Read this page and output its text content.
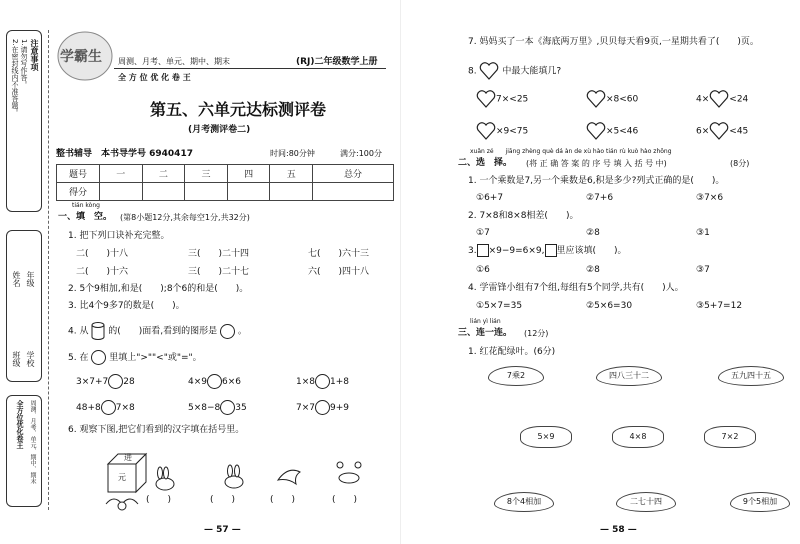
注意事项
1.请勿写作答。
2.在密封线内不准答题。
年级
姓名
学校
班级
周测、月考、单元、期中、期末
全方位优化卷王
学霸生 周测、月考、单元、期中、期末
全 方 位 优 化 卷 王
(RJ)二年级数学上册
第五、六单元达标测评卷
(月考测评卷二)
整书辅导　本书导学号 6940417	时间:80分钟	满分:100分
题号	一	二	三	四	五	总分
得分						
tián kòng
一、填　空。 (第8小题12分,其余每空1分,共32分)
1. 把下列口诀补充完整。
二(　　)十八	三(　　)二十四	七(　　)六十三
二(　　)十六	三(　　)二十七	六(　　)四十八
2. 5个9相加,和是(　　);8个6的和是(　　)。
3. 比4个9多7的数是(　　)。
4. 从 的(　　)面看,看到的图形是 。
5. 在 里填上">""<"或"="。
3×7+7 28	4×9 6×6	1×8 1+8
48+8 7×8	5×8−8 35	7×7 9+9
6. 观察下图,把它们看到的汉字填在括号里。
进
元
(　　)	(　　)	(　　)	(　　)
— 57 —
7. 妈妈买了一本《海底两万里》,贝贝每天看9页,一星期共看了(　　)页。
8.	中最大能填几?
7×<25	×8<60	4× <24
×9<75	×5<46	6× <45
xuǎn zé　　jiāng zhèng què dá àn de xù hào tián rù kuò hào zhōng
二、选　择。 (将 正 确 答 案 的 序 号 填 入 括 号 中)	(8分)
1. 一个乘数是7,另一个乘数是6,积是多少?列式正确的是(　　)。
①6+7	②7+6	③7×6
2. 7×8和8×8相差(　　)。
①7	②8	③1
3. ×9−9=6×9, 里应该填(　　)。
①6	②8	③7
4. 学雷锋小组有7个组,每组有5个同学,共有(　　)人。
①5×7=35	②5×6=30	③5+7=12
lián yì lián
三、连一连。 (12分)
1. 红花配绿叶。(6分)
7乘2	四八三十二	五九四十五
5×9	4×8	7×2
8个4相加	二七十四	9个5相加
— 58 —
